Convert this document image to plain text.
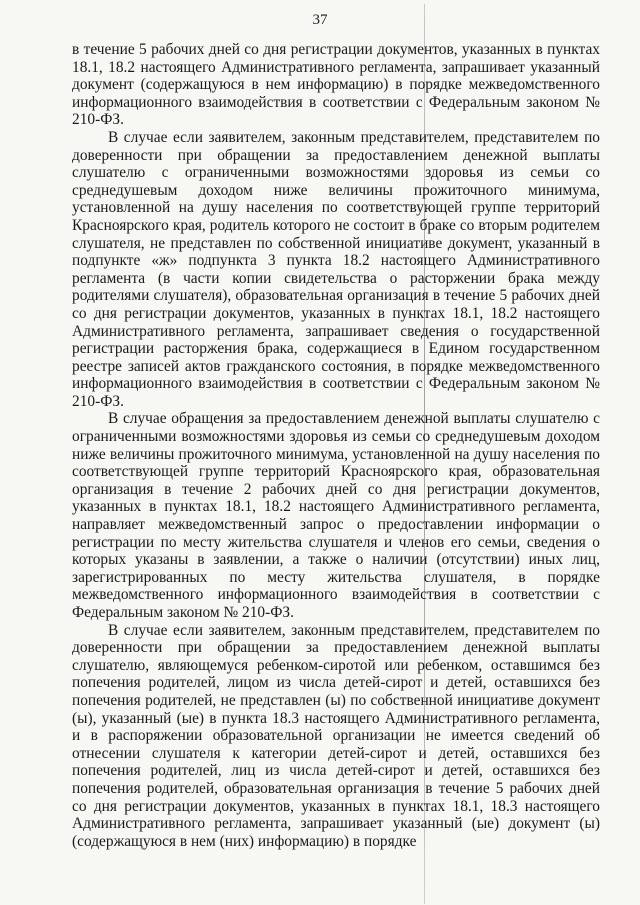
37

в течение 5 рабочих дней со дня регистрации документов, указанных в пунктах 18.1, 18.2 настоящего Административного регламента, запрашивает указанный документ (содержащуюся в нем информацию) в порядке межведомственного информационного взаимодействия в соответствии с Федеральным законом № 210-ФЗ.

В случае если заявителем, законным представителем, представителем по доверенности при обращении за предоставлением денежной выплаты слушателю с ограниченными возможностями здоровья из семьи со среднедушевым доходом ниже величины прожиточного минимума, установленной на душу населения по соответствующей группе территорий Красноярского края, родитель которого не состоит в браке со вторым родителем слушателя, не представлен по собственной инициативе документ, указанный в подпункте «ж» подпункта 3 пункта 18.2 настоящего Административного регламента (в части копии свидетельства о расторжении брака между родителями слушателя), образовательная организация в течение 5 рабочих дней со дня регистрации документов, указанных в пунктах 18.1, 18.2 настоящего Административного регламента, запрашивает сведения о государственной регистрации расторжения брака, содержащиеся в Едином государственном реестре записей актов гражданского состояния, в порядке межведомственного информационного взаимодействия в соответствии с Федеральным законом № 210-ФЗ.

В случае обращения за предоставлением денежной выплаты слушателю с ограниченными возможностями здоровья из семьи со среднедушевым доходом ниже величины прожиточного минимума, установленной на душу населения по соответствующей группе территорий Красноярского края, образовательная организация в течение 2 рабочих дней со дня регистрации документов, указанных в пунктах 18.1, 18.2 настоящего Административного регламента, направляет межведомственный запрос о предоставлении информации о регистрации по месту жительства слушателя и членов его семьи, сведения о которых указаны в заявлении, а также о наличии (отсутствии) иных лиц, зарегистрированных по месту жительства слушателя, в порядке межведомственного информационного взаимодействия в соответствии с Федеральным законом № 210-ФЗ.

В случае если заявителем, законным представителем, представителем по доверенности при обращении за предоставлением денежной выплаты слушателю, являющемуся ребенком-сиротой или ребенком, оставшимся без попечения родителей, лицом из числа детей-сирот и детей, оставшихся без попечения родителей, не представлен (ы) по собственной инициативе документ (ы), указанный (ые) в пункта 18.3 настоящего Административного регламента, и в распоряжении образовательной организации не имеется сведений об отнесении слушателя к категории детей-сирот и детей, оставшихся без попечения родителей, лиц из числа детей-сирот и детей, оставшихся без попечения родителей, образовательная организация в течение 5 рабочих дней со дня регистрации документов, указанных в пунктах 18.1, 18.3 настоящего Административного регламента, запрашивает указанный (ые) документ (ы) (содержащуюся в нем (них) информацию) в порядке
